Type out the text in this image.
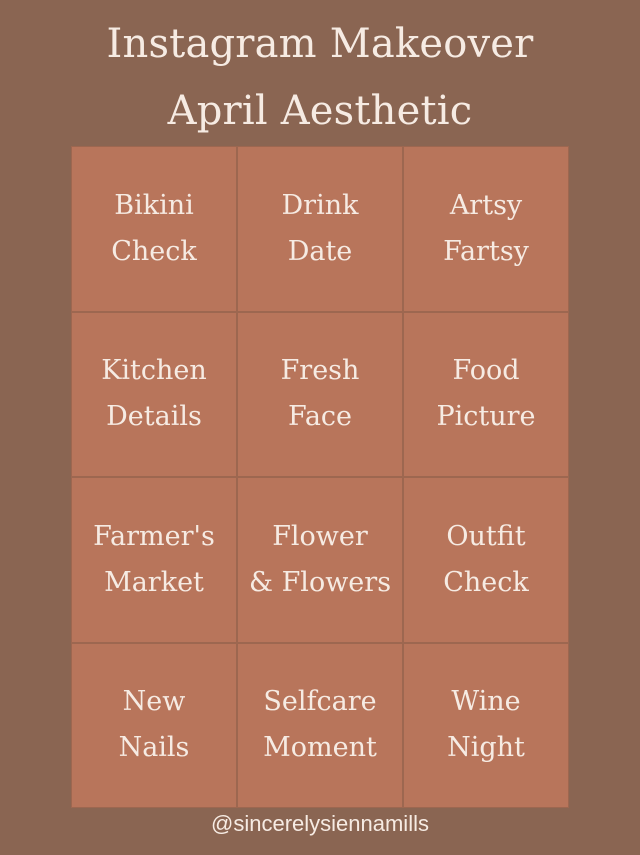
Instagram Makeover
April Aesthetic
Bikini
Check
Drink
Date
Artsy
Fartsy
Kitchen
Details
Fresh
Face
Food
Picture
Farmer's
Market
Flower
& Flowers
Outfit
Check
New
Nails
Selfcare
Moment
Wine
Night
@sincerelysiennamills
